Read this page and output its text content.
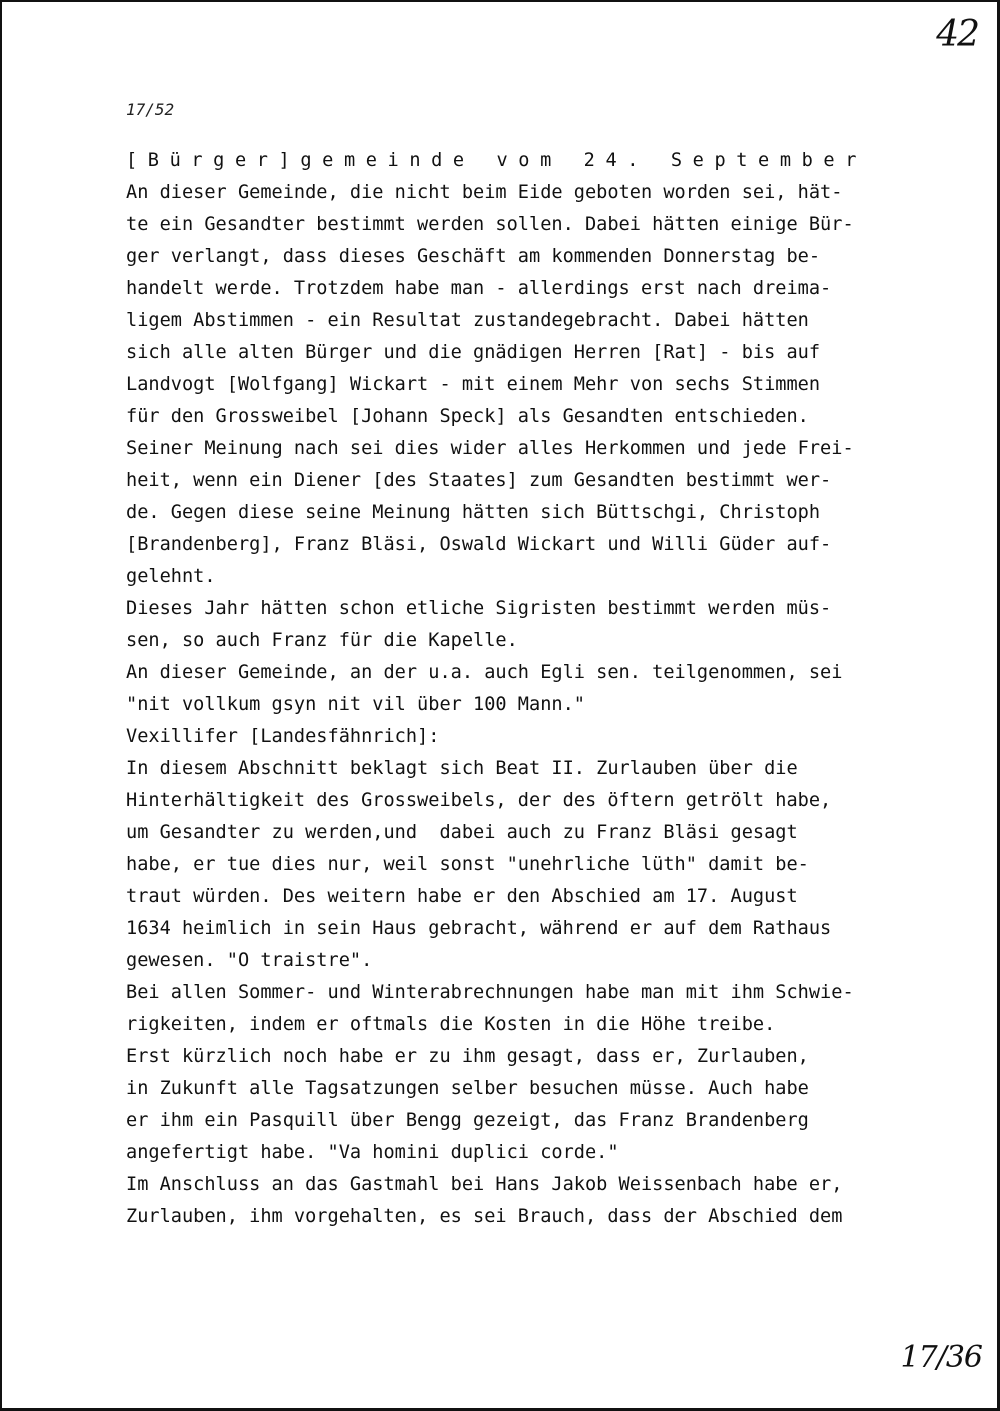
42
17/52
[Bürger]gemeinde vom 24. September
An dieser Gemeinde, die nicht beim Eide geboten worden sei, hät-
te ein Gesandter bestimmt werden sollen. Dabei hätten einige Bür-
ger verlangt, dass dieses Geschäft am kommenden Donnerstag be-
handelt werde. Trotzdem habe man - allerdings erst nach dreima-
ligem Abstimmen - ein Resultat zustandegebracht. Dabei hätten
sich alle alten Bürger und die gnädigen Herren [Rat] - bis auf
Landvogt [Wolfgang] Wickart - mit einem Mehr von sechs Stimmen
für den Grossweibel [Johann Speck] als Gesandten entschieden.
Seiner Meinung nach sei dies wider alles Herkommen und jede Frei-
heit, wenn ein Diener [des Staates] zum Gesandten bestimmt wer-
de. Gegen diese seine Meinung hätten sich Büttschgi, Christoph
[Brandenberg], Franz Bläsi, Oswald Wickart und Willi Güder auf-
gelehnt.
Dieses Jahr hätten schon etliche Sigristen bestimmt werden müs-
sen, so auch Franz für die Kapelle.
An dieser Gemeinde, an der u.a. auch Egli sen. teilgenommen, sei
"nit vollkum gsyn nit vil über 100 Mann."
Vexillifer [Landesfähnrich]:
In diesem Abschnitt beklagt sich Beat II. Zurlauben über die
Hinterhältigkeit des Grossweibels, der des öftern getrölt habe,
um Gesandter zu werden,und  dabei auch zu Franz Bläsi gesagt
habe, er tue dies nur, weil sonst "unehrliche lüth" damit be-
traut würden. Des weitern habe er den Abschied am 17. August
1634 heimlich in sein Haus gebracht, während er auf dem Rathaus
gewesen. "O traistre".
Bei allen Sommer- und Winterabrechnungen habe man mit ihm Schwie-
rigkeiten, indem er oftmals die Kosten in die Höhe treibe.
Erst kürzlich noch habe er zu ihm gesagt, dass er, Zurlauben,
in Zukunft alle Tagsatzungen selber besuchen müsse. Auch habe
er ihm ein Pasquill über Bengg gezeigt, das Franz Brandenberg
angefertigt habe. "Va homini duplici corde."
Im Anschluss an das Gastmahl bei Hans Jakob Weissenbach habe er,
Zurlauben, ihm vorgehalten, es sei Brauch, dass der Abschied dem
17/36
